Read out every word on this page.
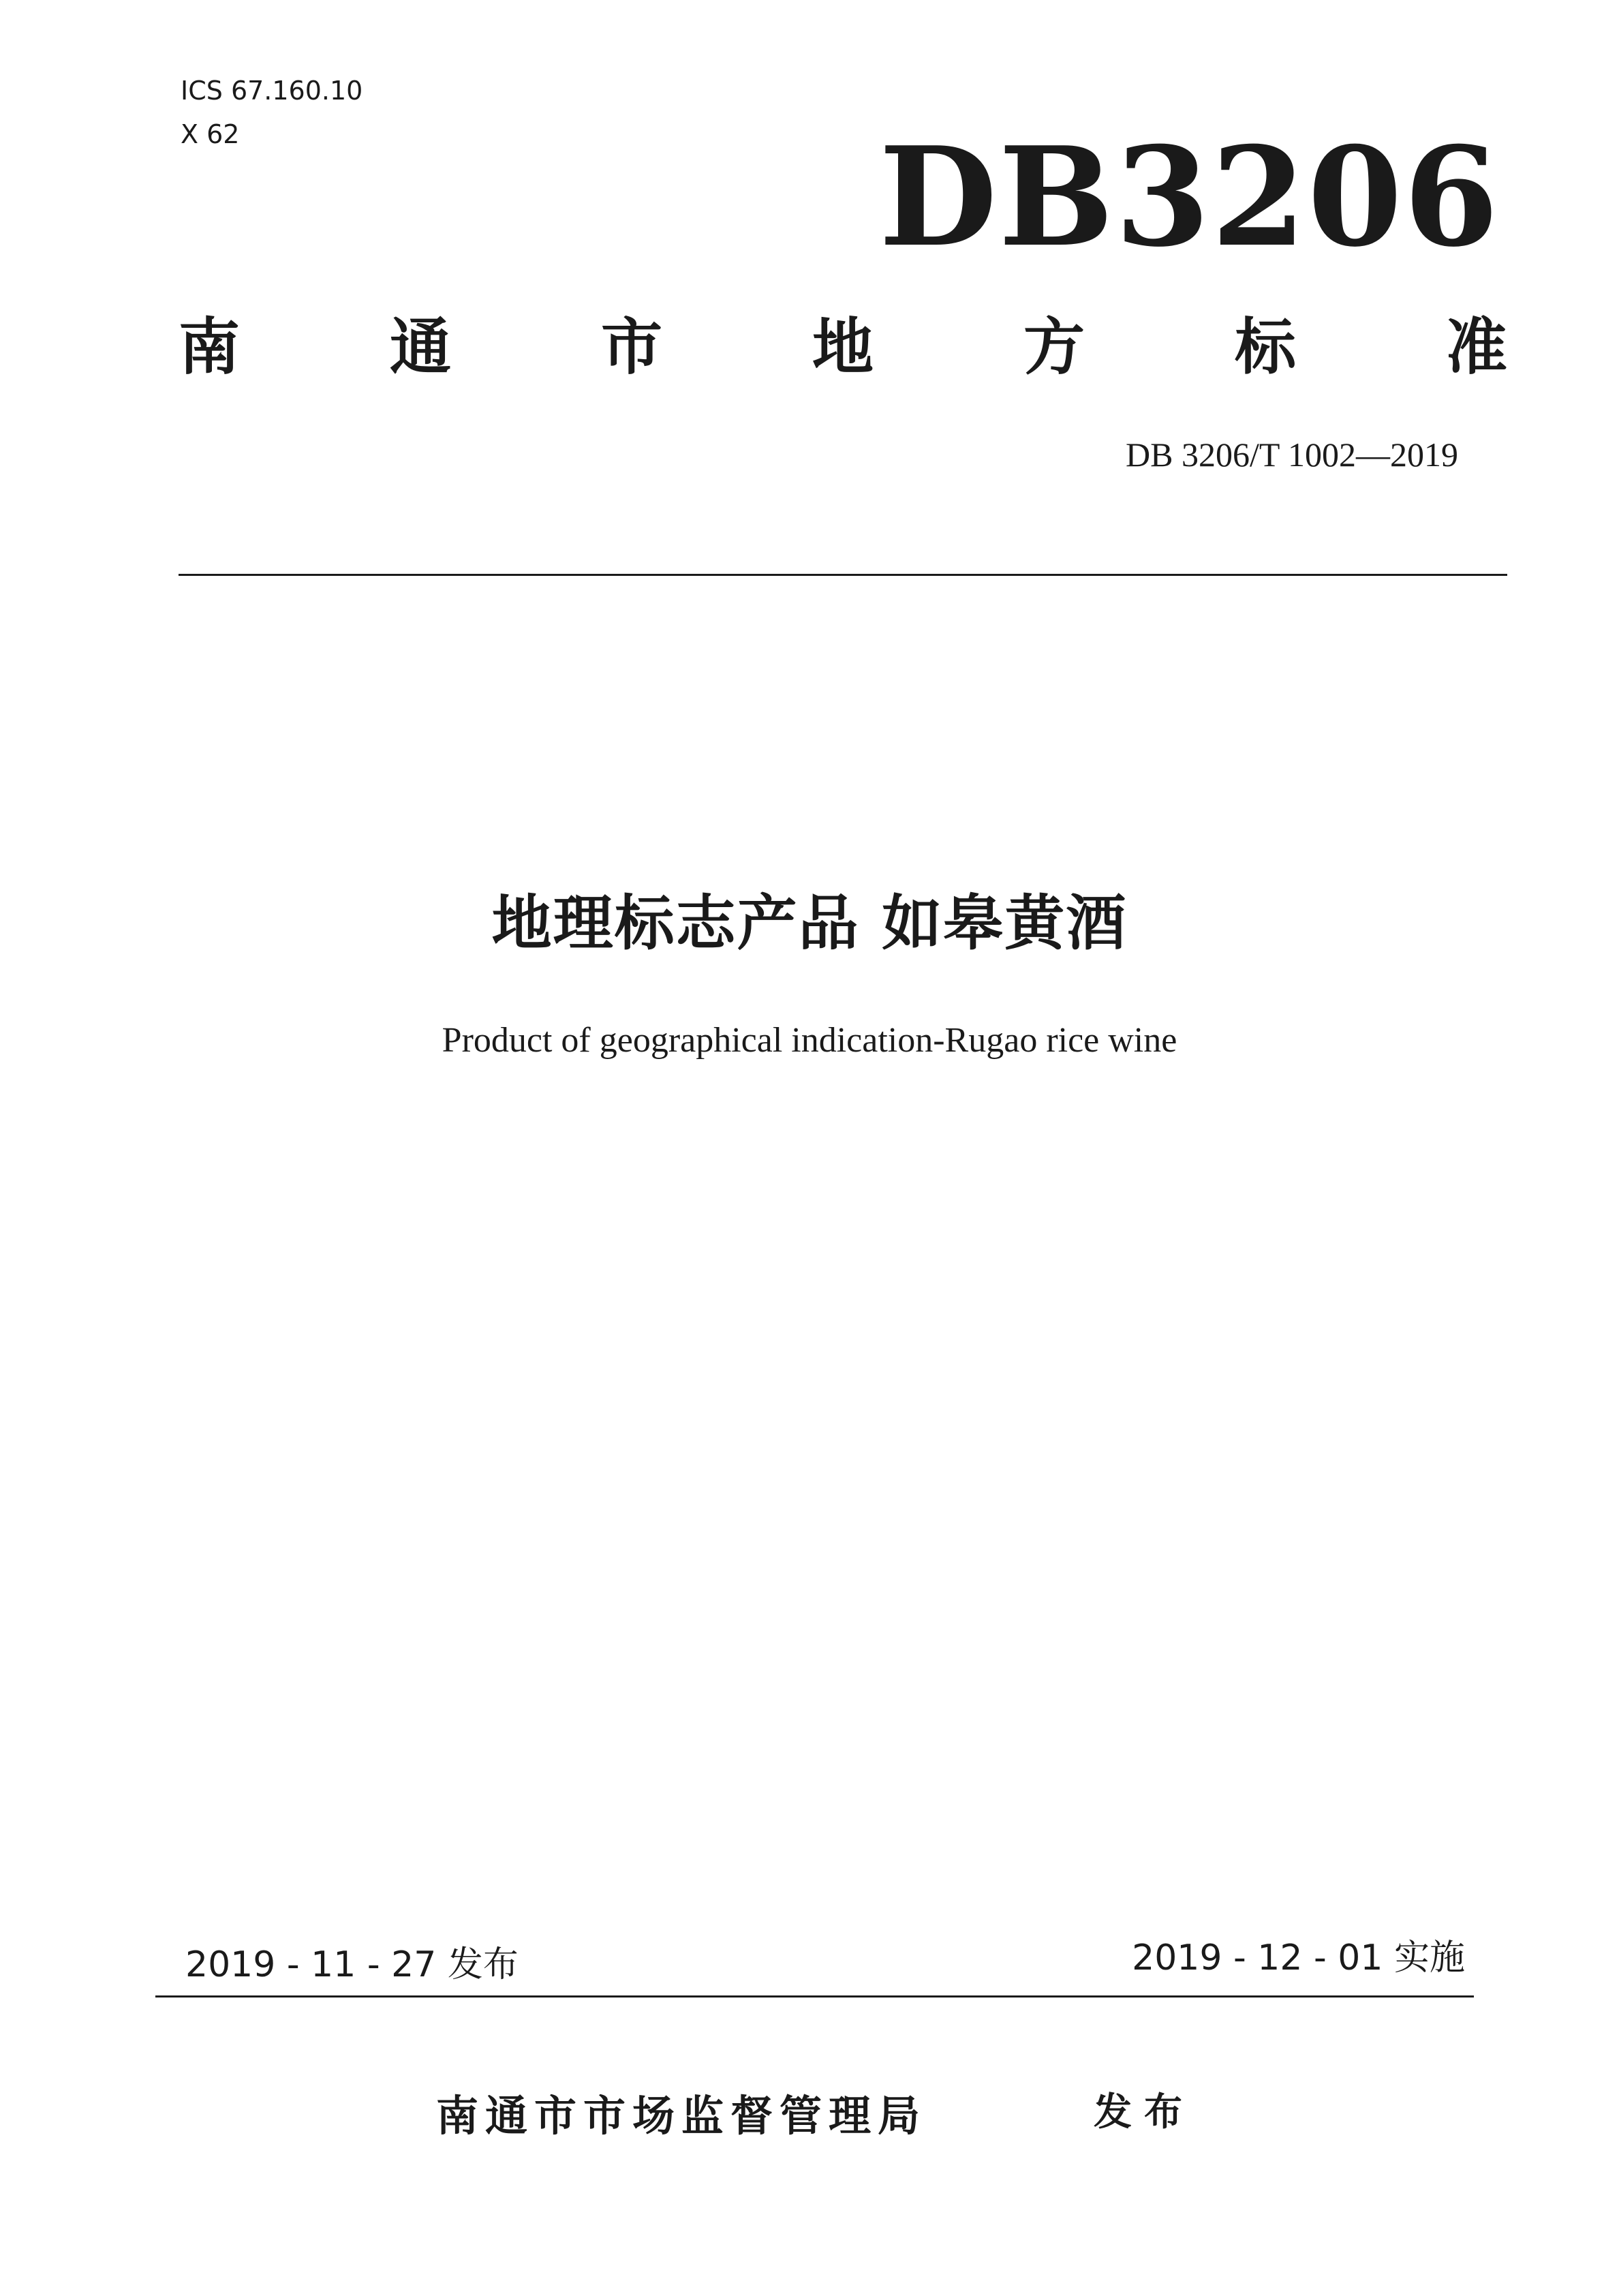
ICS 67.160.10
X 62	DB3206
南 通 市 地 方 标 准
DB 3206/T 1002—2019
地理标志产品 如皋黄酒
Product of geographical indication-Rugao rice wine
2019 - 11 - 27 发布	2019 - 12 - 01 实施
南通市市场监督管理局	发布
